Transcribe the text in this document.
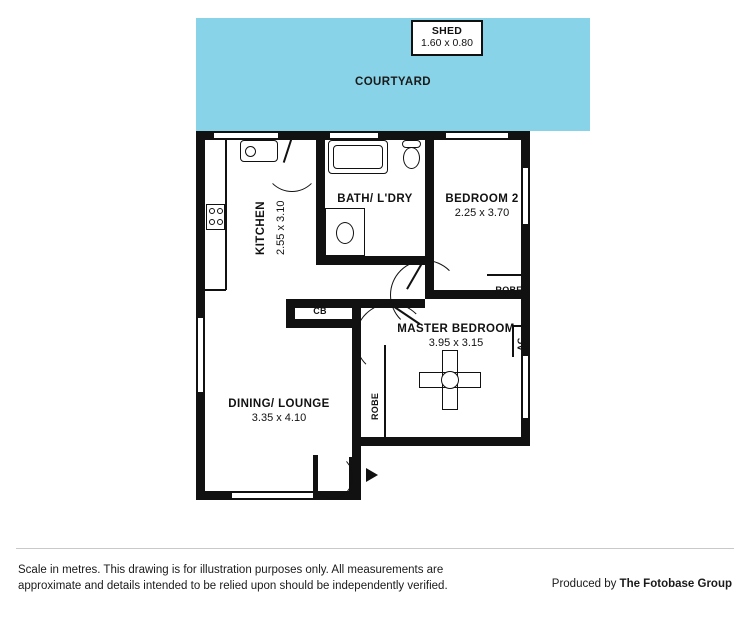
COURTYARD
SHED
1.60 x 0.80
KITCHEN 2.55 x 3.10
BATH/ L'DRY	BEDROOM 2
2.25 x 3.70
MASTER BEDROOM
3.95 x 3.15
DINING/ LOUNGE
3.35 x 4.10
ROBE
ROBE
CB
AC
Scale in metres. This drawing is for illustration purposes only. All measurements are
approximate and details intended to be relied upon should be independently verified.	Produced by The Fotobase Group
